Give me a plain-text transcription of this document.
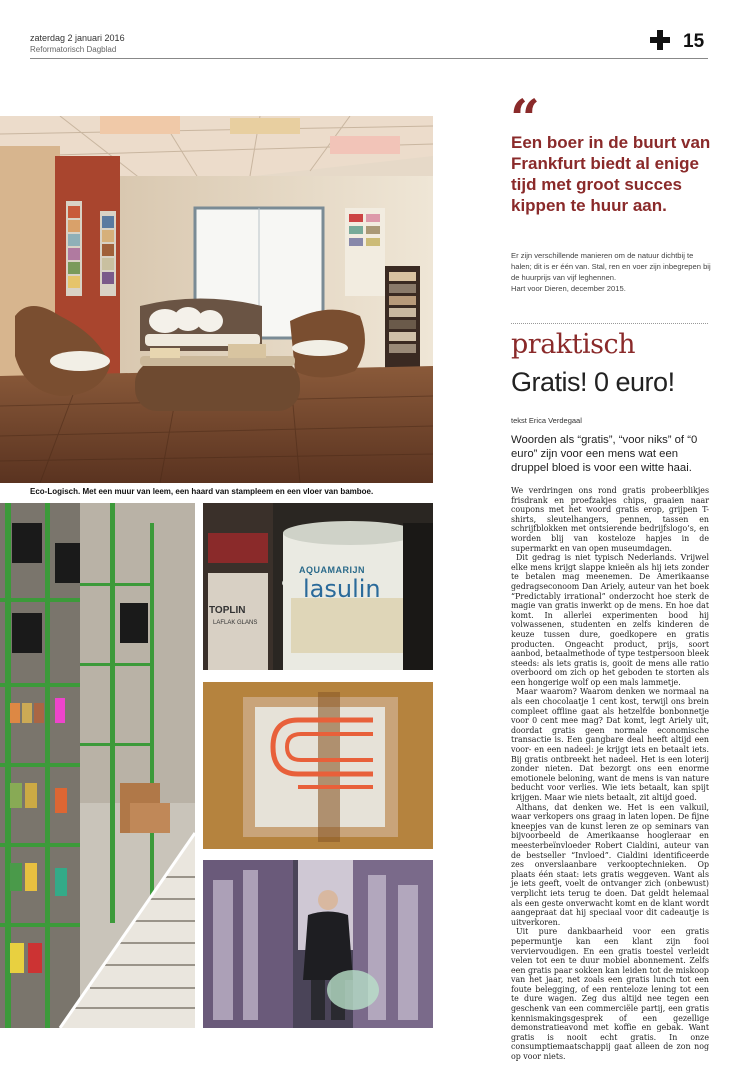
zaterdag 2 januari 2016
Reformatorisch Dagblad	15
Eco-Logisch. Met een muur van leem, een haard van stampleem en een vloer van bamboe.
AQUAMARIJN
lasulin
TOPLIN
LAFLAK GLANS
“
Een boer in de buurt van Frankfurt biedt al enige tijd met groot succes kippen te huur aan.
Er zijn verschillende manieren om de natuur dichtbij te halen; dit is er één van. Stal, ren en voer zijn inbegrepen bij de huurprijs van vijf leghennen.
Hart voor Dieren, december 2015.
praktisch
Gratis! 0 euro!
tekst Erica Verdegaal
Woorden als “gratis”, “voor niks” of “0 euro” zijn voor een mens wat een druppel bloed is voor een witte haai.

We verdringen ons rond gratis probeerblikjes frisdrank en proefzakjes chips, graaien naar coupons met het woord gratis erop, grijpen T-shirts, sleutelhangers, pennen, tassen en schrijfblokken met ontsierende bedrijfslogo’s, en worden blij van kosteloze hapjes in de supermarkt en van open museumdagen.

Dit gedrag is niet typisch Nederlands. Vrijwel elke mens krijgt slappe knieën als hij iets zonder te betalen mag meenemen. De Amerikaanse gedragseconoom Dan Ariely, auteur van het boek “Predictably irrational” onderzocht hoe sterk de magie van gratis inwerkt op de mens. En hoe dat komt. In allerlei experimenten bood hij volwassenen, studenten en zelfs kinderen de keuze tussen dure, goedkopere en gratis producten. Ongeacht product, prijs, soort aanbod, betaalmethode of type testpersoon bleek steeds: als iets gratis is, gooit de mens alle ratio overboord om zich op het geboden te storten als een hongerige wolf op een mals lammetje.

Maar waarom? Waarom denken we normaal na als een chocolaatje 1 cent kost, terwijl ons brein compleet offline gaat als hetzelfde bonbonnetje voor 0 cent mee mag? Dat komt, legt Ariely uit, doordat gratis geen normale economische transactie is. Een gangbare deal heeft altijd een voor- en een nadeel: je krijgt iets en betaalt iets. Bij gratis ontbreekt het nadeel. Het is een loterij zonder nieten. Dat bezorgt ons een enorme emotionele beloning, want de mens is van nature beducht voor verlies. Wie iets betaalt, kan spijt krijgen. Maar wie niets betaalt, zit altijd goed.

Althans, dat denken we. Het is een valkuil, waar verkopers ons graag in laten lopen. De fijne kneepjes van de kunst leren ze op seminars van bijvoorbeeld de Amerikaanse hoogleraar en meesterbeïnvloeder Robert Cialdini, auteur van de bestseller “Invloed”. Cialdini identificeerde zes onverslaanbare verkooptechnieken. Op plaats één staat: iets gratis weggeven. Want als je iets geeft, voelt de ontvanger zich (onbewust) verplicht iets terug te doen. Dat geldt helemaal als een geste onverwacht komt en de klant wordt aangepraat dat hij speciaal voor dit cadeautje is uitverkoren.

Uit pure dankbaarheid voor een gratis pepermuntje kan een klant zijn fooi verviervoudigen. En een gratis toestel verleidt velen tot een te duur mobiel abonnement. Zelfs een gratis paar sokken kan leiden tot de miskoop van het jaar, net zoals een gratis lunch tot een foute belegging, of een renteloze lening tot een te dure wagen. Zeg dus altijd nee tegen een geschenk van een commerciële partij, een gratis kennismakingsgesprek of een gezellige demonstratieavond met koffie en gebak. Want gratis is nooit echt gratis. In onze consumptiemaatschappij gaat alleen de zon nog op voor niets.
